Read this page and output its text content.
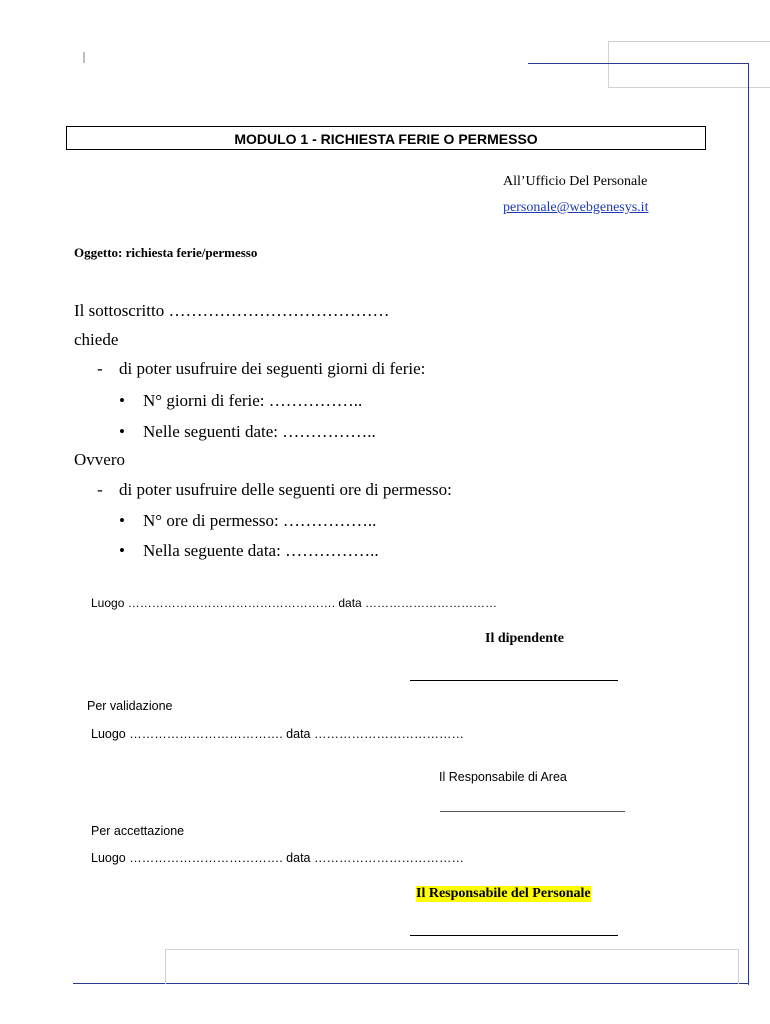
MODULO 1 - RICHIESTA FERIE O PERMESSO
All’Ufficio Del Personale
personale@webgenesys.it
Oggetto: richiesta ferie/permesso
Il sottoscritto …………………………………
chiede
- di poter usufruire dei seguenti giorni di ferie:
• N° giorni di ferie: ……………..
• Nelle seguenti date: ……………..
Ovvero
- di poter usufruire delle seguenti ore di permesso:
• N° ore di permesso: ……………..
• Nella seguente data: ……………..
Luogo ……………………………………………. data ……………………………
Il dipendente
Per validazione
Luogo ………………………………. data ………………………………
Il Responsabile di Area
Per accettazione
Luogo ………………………………. data ………………………………
Il Responsabile del Personale
